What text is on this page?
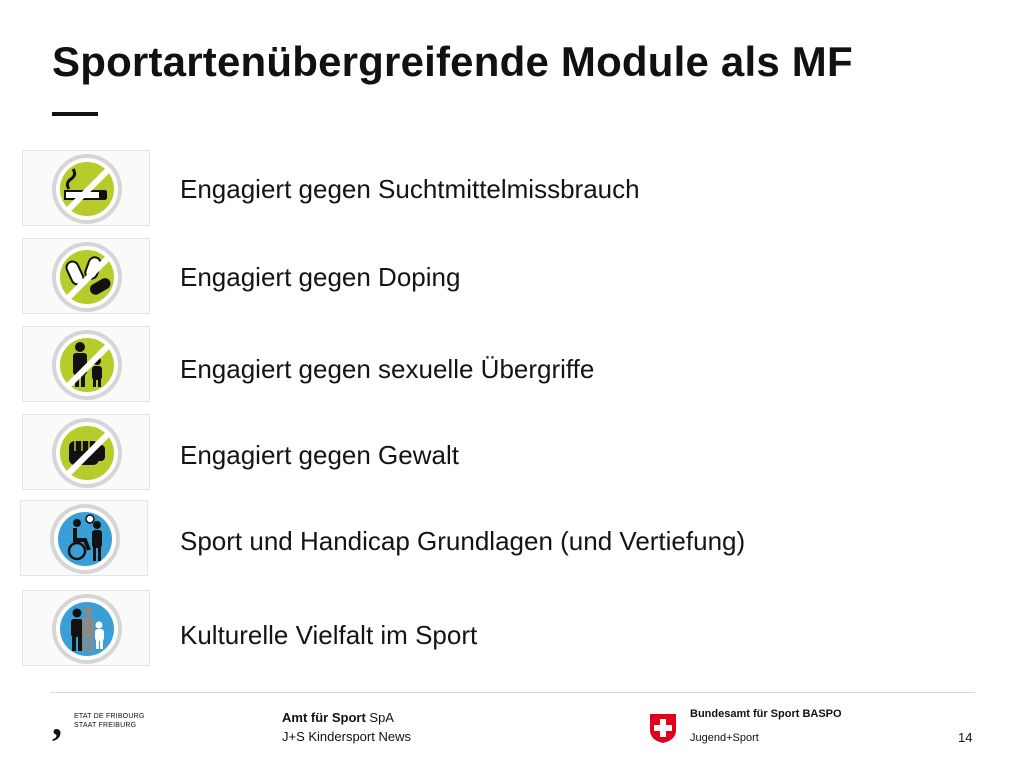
Sportartenübergreifende Module als MF
Engagiert gegen Suchtmittelmissbrauch
Engagiert gegen Doping
Engagiert gegen sexuelle Übergriffe
Engagiert gegen Gewalt
Sport und Handicap Grundlagen (und Vertiefung)
Kulturelle Vielfalt im Sport
, ETAT DE FRIBOURG
STAAT FREIBURG
Amt für Sport SpA
J+S Kindersport News
Bundesamt für Sport BASPO
Jugend+Sport	14
